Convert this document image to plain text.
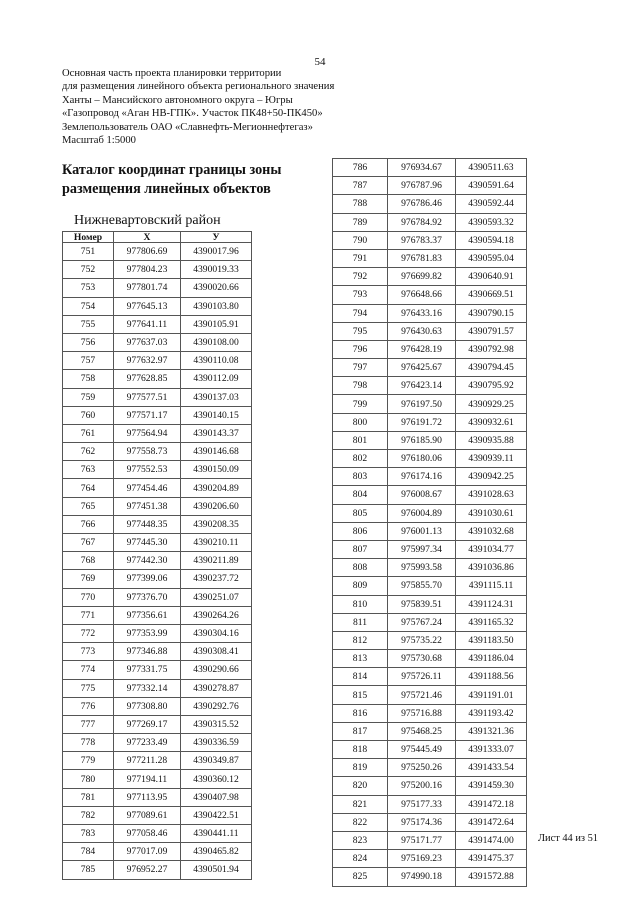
54
Основная часть проекта планировки территории
для размещения линейного объекта регионального значения
Ханты – Мансийского автономного округа – Югры
«Газопровод «Аган НВ-ГПК». Участок ПК48+50-ПК450»
Землепользователь ОАО «Славнефть-Мегионнефтегаз»
Масштаб 1:5000
Каталог координат границы зоны
размещения линейных объектов
Нижневартовский район
Номер	X	У
751	977806.69	4390017.96
752	977804.23	4390019.33
753	977801.74	4390020.66
754	977645.13	4390103.80
755	977641.11	4390105.91
756	977637.03	4390108.00
757	977632.97	4390110.08
758	977628.85	4390112.09
759	977577.51	4390137.03
760	977571.17	4390140.15
761	977564.94	4390143.37
762	977558.73	4390146.68
763	977552.53	4390150.09
764	977454.46	4390204.89
765	977451.38	4390206.60
766	977448.35	4390208.35
767	977445.30	4390210.11
768	977442.30	4390211.89
769	977399.06	4390237.72
770	977376.70	4390251.07
771	977356.61	4390264.26
772	977353.99	4390304.16
773	977346.88	4390308.41
774	977331.75	4390290.66
775	977332.14	4390278.87
776	977308.80	4390292.76
777	977269.17	4390315.52
778	977233.49	4390336.59
779	977211.28	4390349.87
780	977194.11	4390360.12
781	977113.95	4390407.98
782	977089.61	4390422.51
783	977058.46	4390441.11
784	977017.09	4390465.82
785	976952.27	4390501.94
786	976934.67	4390511.63
787	976787.96	4390591.64
788	976786.46	4390592.44
789	976784.92	4390593.32
790	976783.37	4390594.18
791	976781.83	4390595.04
792	976699.82	4390640.91
793	976648.66	4390669.51
794	976433.16	4390790.15
795	976430.63	4390791.57
796	976428.19	4390792.98
797	976425.67	4390794.45
798	976423.14	4390795.92
799	976197.50	4390929.25
800	976191.72	4390932.61
801	976185.90	4390935.88
802	976180.06	4390939.11
803	976174.16	4390942.25
804	976008.67	4391028.63
805	976004.89	4391030.61
806	976001.13	4391032.68
807	975997.34	4391034.77
808	975993.58	4391036.86
809	975855.70	4391115.11
810	975839.51	4391124.31
811	975767.24	4391165.32
812	975735.22	4391183.50
813	975730.68	4391186.04
814	975726.11	4391188.56
815	975721.46	4391191.01
816	975716.88	4391193.42
817	975468.25	4391321.36
818	975445.49	4391333.07
819	975250.26	4391433.54
820	975200.16	4391459.30
821	975177.33	4391472.18
822	975174.36	4391472.64
823	975171.77	4391474.00
824	975169.23	4391475.37
825	974990.18	4391572.88
Лист 44 из 51
